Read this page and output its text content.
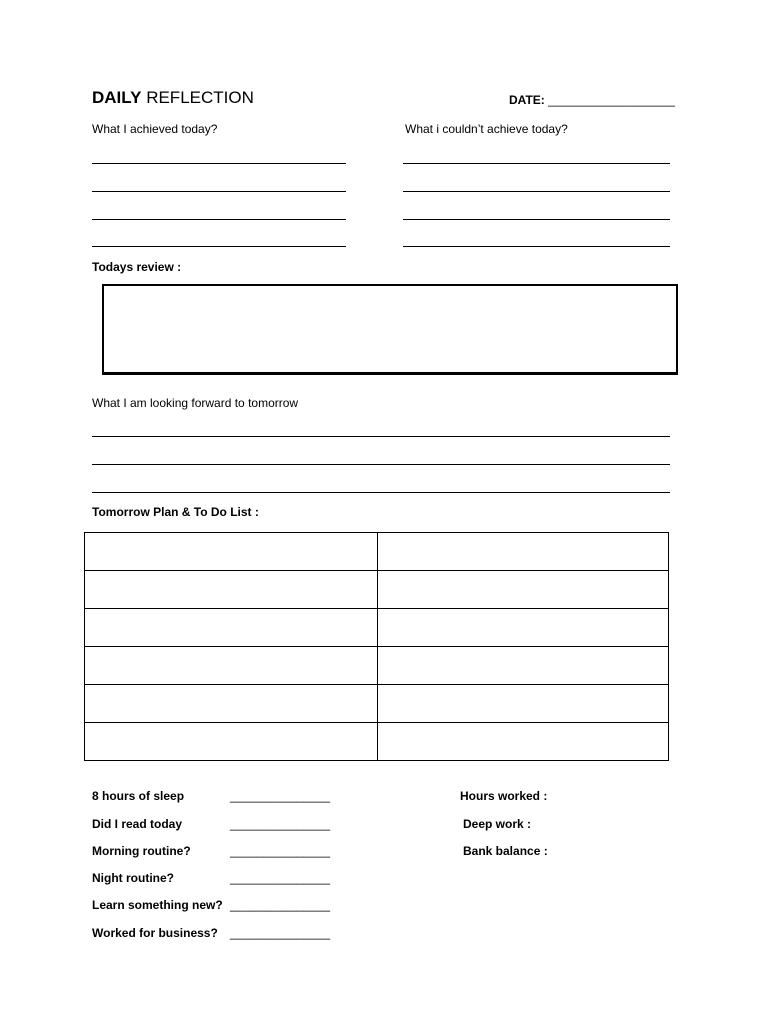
DAILY REFLECTION	DATE: ___________________
What I achieved today?	What i couldn’t achieve today?
Todays review :
What I am looking forward to tomorrow
Tomorrow Plan & To Do List :

8 hours of sleep	_______________
Did I read today	_______________
Morning routine?	_______________
Night routine?	_______________
Learn something new? _______________
Worked for business? _______________
Hours worked :
Deep work :
Bank balance :
